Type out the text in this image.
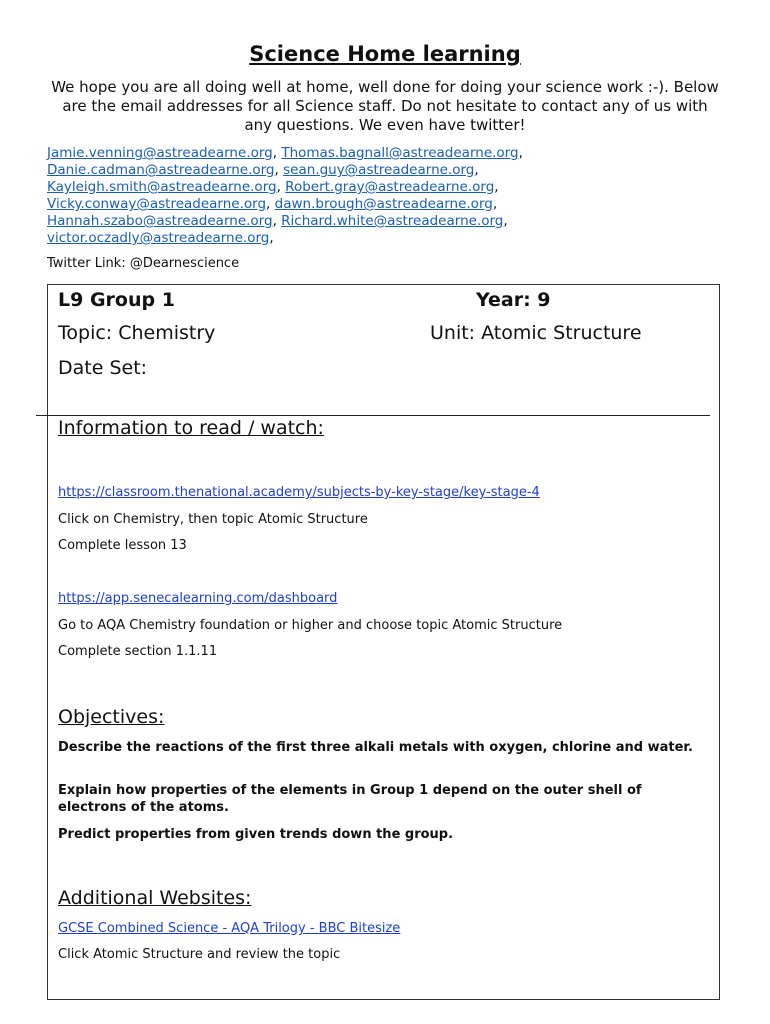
Science Home learning
We hope you are all doing well at home, well done for doing your science work :-). Below are the email addresses for all Science staff. Do not hesitate to contact any of us with any questions. We even have twitter!
Jamie.venning@astreadearne.org, Thomas.bagnall@astreadearne.org,
Danie.cadman@astreadearne.org, sean.guy@astreadearne.org,
Kayleigh.smith@astreadearne.org, Robert.gray@astreadearne.org,
Vicky.conway@astreadearne.org, dawn.brough@astreadearne.org,
Hannah.szabo@astreadearne.org, Richard.white@astreadearne.org,
victor.oczadly@astreadearne.org,
Twitter Link: @Dearnescience
L9 Group 1	Year: 9
Topic: Chemistry	Unit: Atomic Structure
Date Set:
Information to read / watch:
https://classroom.thenational.academy/subjects-by-key-stage/key-stage-4
Click on Chemistry, then topic Atomic Structure
Complete lesson 13
https://app.senecalearning.com/dashboard
Go to AQA Chemistry foundation or higher and choose topic Atomic Structure
Complete section 1.1.11
Objectives:
Describe the reactions of the first three alkali metals with oxygen, chlorine and water.
Explain how properties of the elements in Group 1 depend on the outer shell of electrons of the atoms.
Predict properties from given trends down the group.
Additional Websites:
GCSE Combined Science - AQA Trilogy - BBC Bitesize
Click Atomic Structure and review the topic
